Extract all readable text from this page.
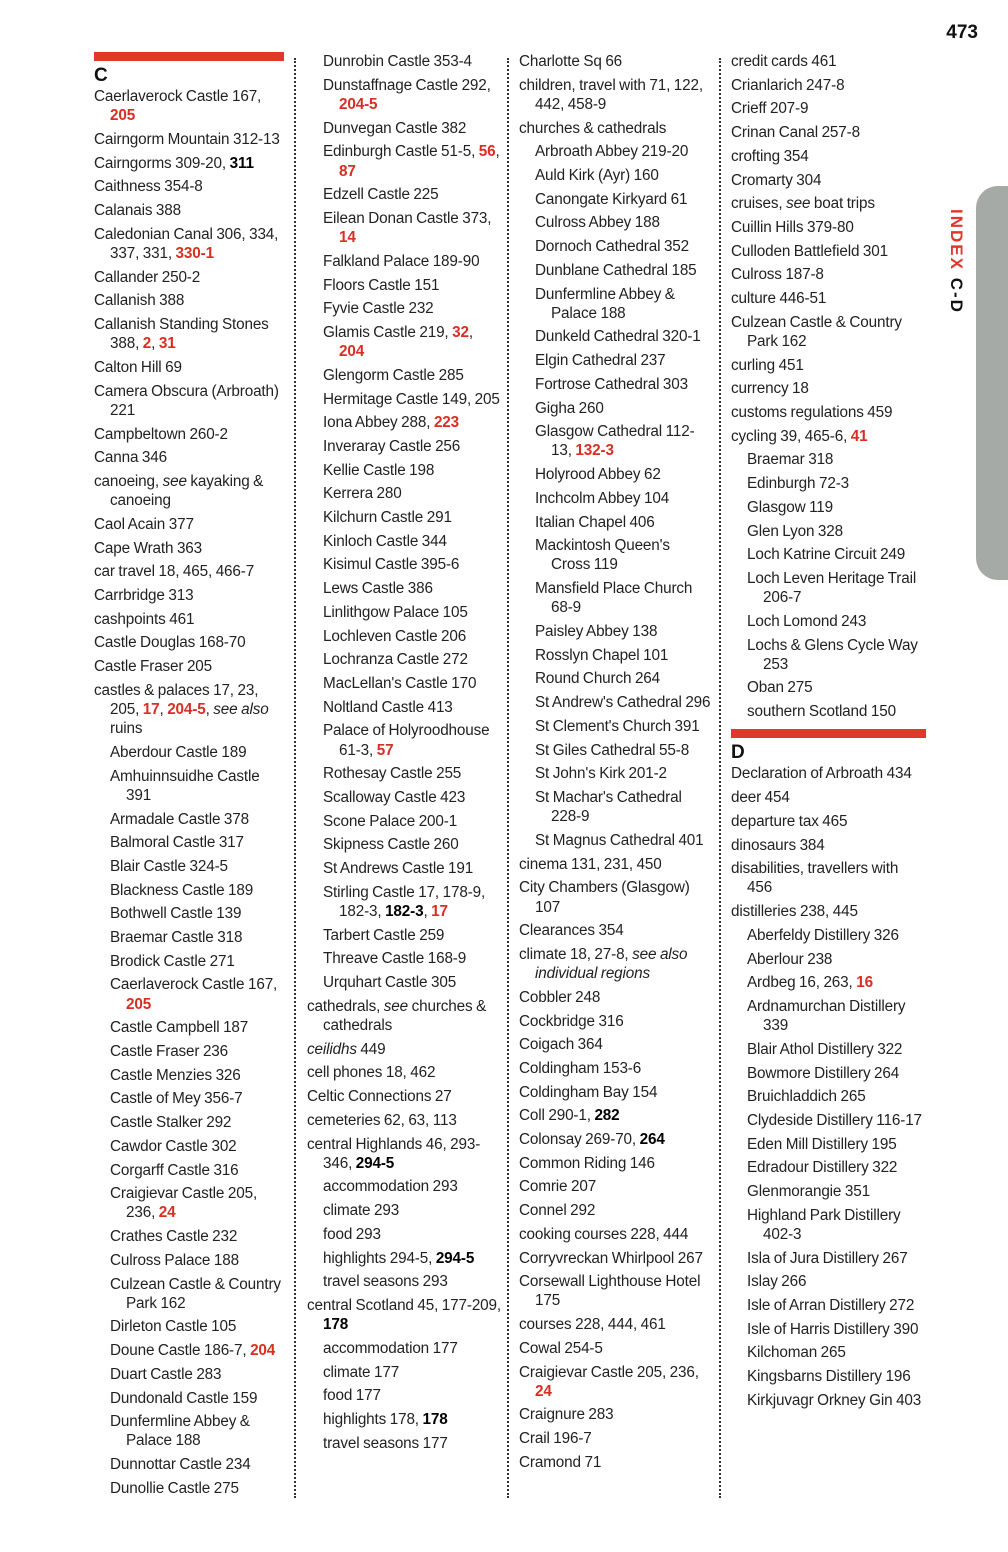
473
INDEX C-D
C
Caerlaverock Castle 167, 205
Cairngorm Mountain 312-13
Cairngorms 309-20, 311
Caithness 354-8
Calanais 388
Caledonian Canal 306, 334, 337, 331, 330-1
Callander 250-2
Callanish 388
Callanish Standing Stones 388, 2, 31
Calton Hill 69
Camera Obscura (Arbroath) 221
Campbeltown 260-2
Canna 346
canoeing, see kayaking & canoeing
Caol Acain 377
Cape Wrath 363
car travel 18, 465, 466-7
Carrbridge 313
cashpoints 461
Castle Douglas 168-70
Castle Fraser 205
castles & palaces 17, 23, 205, 17, 204-5, see also ruins
Aberdour Castle 189
Amhuinnsuidhe Castle 391
Armadale Castle 378
Balmoral Castle 317
Blair Castle 324-5
Blackness Castle 189
Bothwell Castle 139
Braemar Castle 318
Brodick Castle 271
Caerlaverock Castle 167, 205
Castle Campbell 187
Castle Fraser 236
Castle Menzies 326
Castle of Mey 356-7
Castle Stalker 292
Cawdor Castle 302
Corgarff Castle 316
Craigievar Castle 205, 236, 24
Crathes Castle 232
Culross Palace 188
Culzean Castle & Country Park 162
Dirleton Castle 105
Doune Castle 186-7, 204
Duart Castle 283
Dundonald Castle 159
Dunfermline Abbey & Palace 188
Dunnottar Castle 234
Dunollie Castle 275
Dunrobin Castle 353-4
Dunstaffnage Castle 292, 204-5
Dunvegan Castle 382
Edinburgh Castle 51-5, 56, 87
Edzell Castle 225
Eilean Donan Castle 373, 14
Falkland Palace 189-90
Floors Castle 151
Fyvie Castle 232
Glamis Castle 219, 32, 204
Glengorm Castle 285
Hermitage Castle 149, 205
Iona Abbey 288, 223
Inveraray Castle 256
Kellie Castle 198
Kerrera 280
Kilchurn Castle 291
Kinloch Castle 344
Kisimul Castle 395-6
Lews Castle 386
Linlithgow Palace 105
Lochleven Castle 206
Lochranza Castle 272
MacLellan's Castle 170
Noltland Castle 413
Palace of Holyroodhouse 61-3, 57
Rothesay Castle 255
Scalloway Castle 423
Scone Palace 200-1
Skipness Castle 260
St Andrews Castle 191
Stirling Castle 17, 178-9, 182-3, 182-3, 17
Tarbert Castle 259
Threave Castle 168-9
Urquhart Castle 305
cathedrals, see churches & cathedrals
ceilidhs 449
cell phones 18, 462
Celtic Connections 27
cemeteries 62, 63, 113
central Highlands 46, 293-346, 294-5
accommodation 293
climate 293
food 293
highlights 294-5, 294-5
travel seasons 293
central Scotland 45, 177-209, 178
accommodation 177
climate 177
food 177
highlights 178, 178
travel seasons 177
Charlotte Sq 66
children, travel with 71, 122, 442, 458-9
churches & cathedrals
Arbroath Abbey 219-20
Auld Kirk (Ayr) 160
Canongate Kirkyard 61
Culross Abbey 188
Dornoch Cathedral 352
Dunblane Cathedral 185
Dunfermline Abbey & Palace 188
Dunkeld Cathedral 320-1
Elgin Cathedral 237
Fortrose Cathedral 303
Gigha 260
Glasgow Cathedral 112-13, 132-3
Holyrood Abbey 62
Inchcolm Abbey 104
Italian Chapel 406
Mackintosh Queen's Cross 119
Mansfield Place Church 68-9
Paisley Abbey 138
Rosslyn Chapel 101
Round Church 264
St Andrew's Cathedral 296
St Clement's Church 391
St Giles Cathedral 55-8
St John's Kirk 201-2
St Machar's Cathedral 228-9
St Magnus Cathedral 401
cinema 131, 231, 450
City Chambers (Glasgow) 107
Clearances 354
climate 18, 27-8, see also individual regions
Cobbler 248
Cockbridge 316
Coigach 364
Coldingham 153-6
Coldingham Bay 154
Coll 290-1, 282
Colonsay 269-70, 264
Common Riding 146
Comrie 207
Connel 292
cooking courses 228, 444
Corryvreckan Whirlpool 267
Corsewall Lighthouse Hotel 175
courses 228, 444, 461
Cowal 254-5
Craigievar Castle 205, 236, 24
Craignure 283
Crail 196-7
Cramond 71
credit cards 461
Crianlarich 247-8
Crieff 207-9
Crinan Canal 257-8
crofting 354
Cromarty 304
cruises, see boat trips
Cuillin Hills 379-80
Culloden Battlefield 301
Culross 187-8
culture 446-51
Culzean Castle & Country Park 162
curling 451
currency 18
customs regulations 459
cycling 39, 465-6, 41
Braemar 318
Edinburgh 72-3
Glasgow 119
Glen Lyon 328
Loch Katrine Circuit 249
Loch Leven Heritage Trail 206-7
Loch Lomond 243
Lochs & Glens Cycle Way 253
Oban 275
southern Scotland 150
D
Declaration of Arbroath 434
deer 454
departure tax 465
dinosaurs 384
disabilities, travellers with 456
distilleries 238, 445
Aberfeldy Distillery 326
Aberlour 238
Ardbeg 16, 263, 16
Ardnamurchan Distillery 339
Blair Athol Distillery 322
Bowmore Distillery 264
Bruichladdich 265
Clydeside Distillery 116-17
Eden Mill Distillery 195
Edradour Distillery 322
Glenmorangie 351
Highland Park Distillery 402-3
Isla of Jura Distillery 267
Islay 266
Isle of Arran Distillery 272
Isle of Harris Distillery 390
Kilchoman 265
Kingsbarns Distillery 196
Kirkjuvagr Orkney Gin 403
